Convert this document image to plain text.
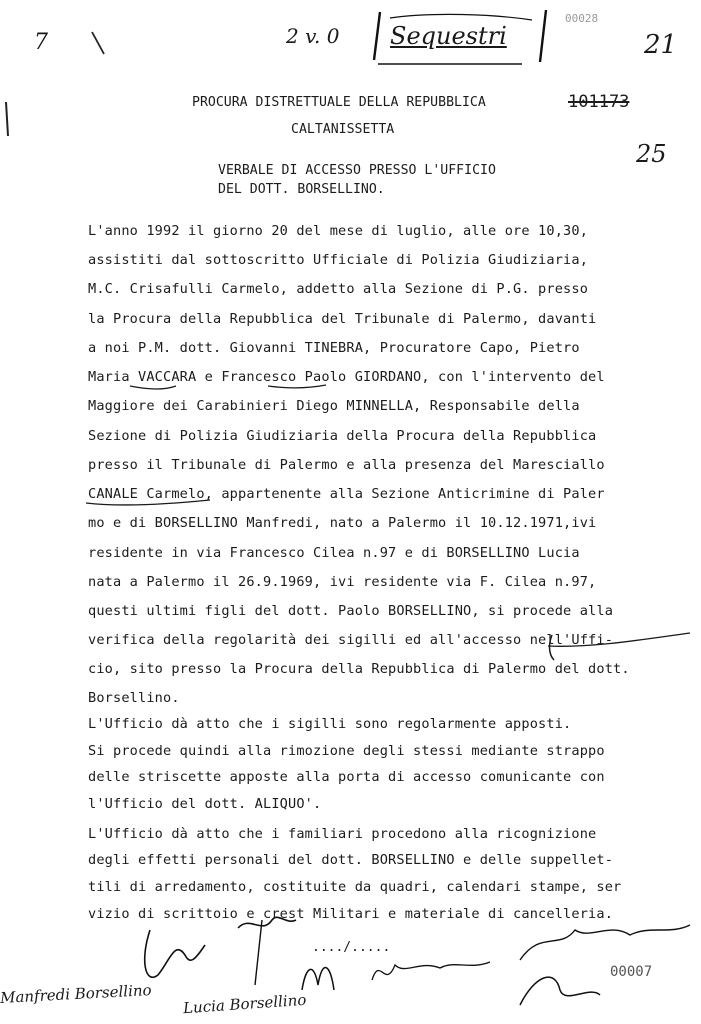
7	2 v. 0 Sequestri
00028
21
PROCURA DISTRETTUALE DELLA REPUBBLICA	101173
CALTANISSETTA
25
VERBALE DI ACCESSO PRESSO L'UFFICIO
DEL DOTT. BORSELLINO.
L'anno 1992 il giorno 20 del mese di luglio, alle ore 10,30,
assistiti dal sottoscritto Ufficiale di Polizia Giudiziaria,
M.C. Crisafulli Carmelo, addetto alla Sezione di P.G. presso
la Procura della Repubblica del Tribunale di Palermo, davanti
a noi P.M. dott. Giovanni TINEBRA, Procuratore Capo, Pietro
Maria VACCARA e Francesco Paolo GIORDANO, con l'intervento del
Maggiore dei Carabinieri Diego MINNELLA, Responsabile della
Sezione di Polizia Giudiziaria della Procura della Repubblica
presso il Tribunale di Palermo e alla presenza del Maresciallo
CANALE Carmelo, appartenente alla Sezione Anticrimine di Paler
mo e di BORSELLINO Manfredi, nato a Palermo il 10.12.1971,ivi
residente in via Francesco Cilea n.97 e di BORSELLINO Lucia
nata a Palermo il 26.9.1969, ivi residente via F. Cilea n.97,
questi ultimi figli del dott. Paolo BORSELLINO, si procede alla
verifica della regolarità dei sigilli ed all'accesso nell'Uffi-
cio, sito presso la Procura della Repubblica di Palermo del dott.
Borsellino.
L'Ufficio dà atto che i sigilli sono regolarmente apposti.
Si procede quindi alla rimozione degli stessi mediante strappo
delle striscette apposte alla porta di accesso comunicante con
l'Ufficio del dott. ALIQUO'.
L'Ufficio dà atto che i familiari procedono alla ricognizione
degli effetti personali del dott. BORSELLINO e delle suppellet-
tili di arredamento, costituite da quadri, calendari stampe, ser
vizio di scrittoio e crest Militari e materiale di cancelleria.
..../.....
00007
Manfredi Borsellino Lucia Borsellino
